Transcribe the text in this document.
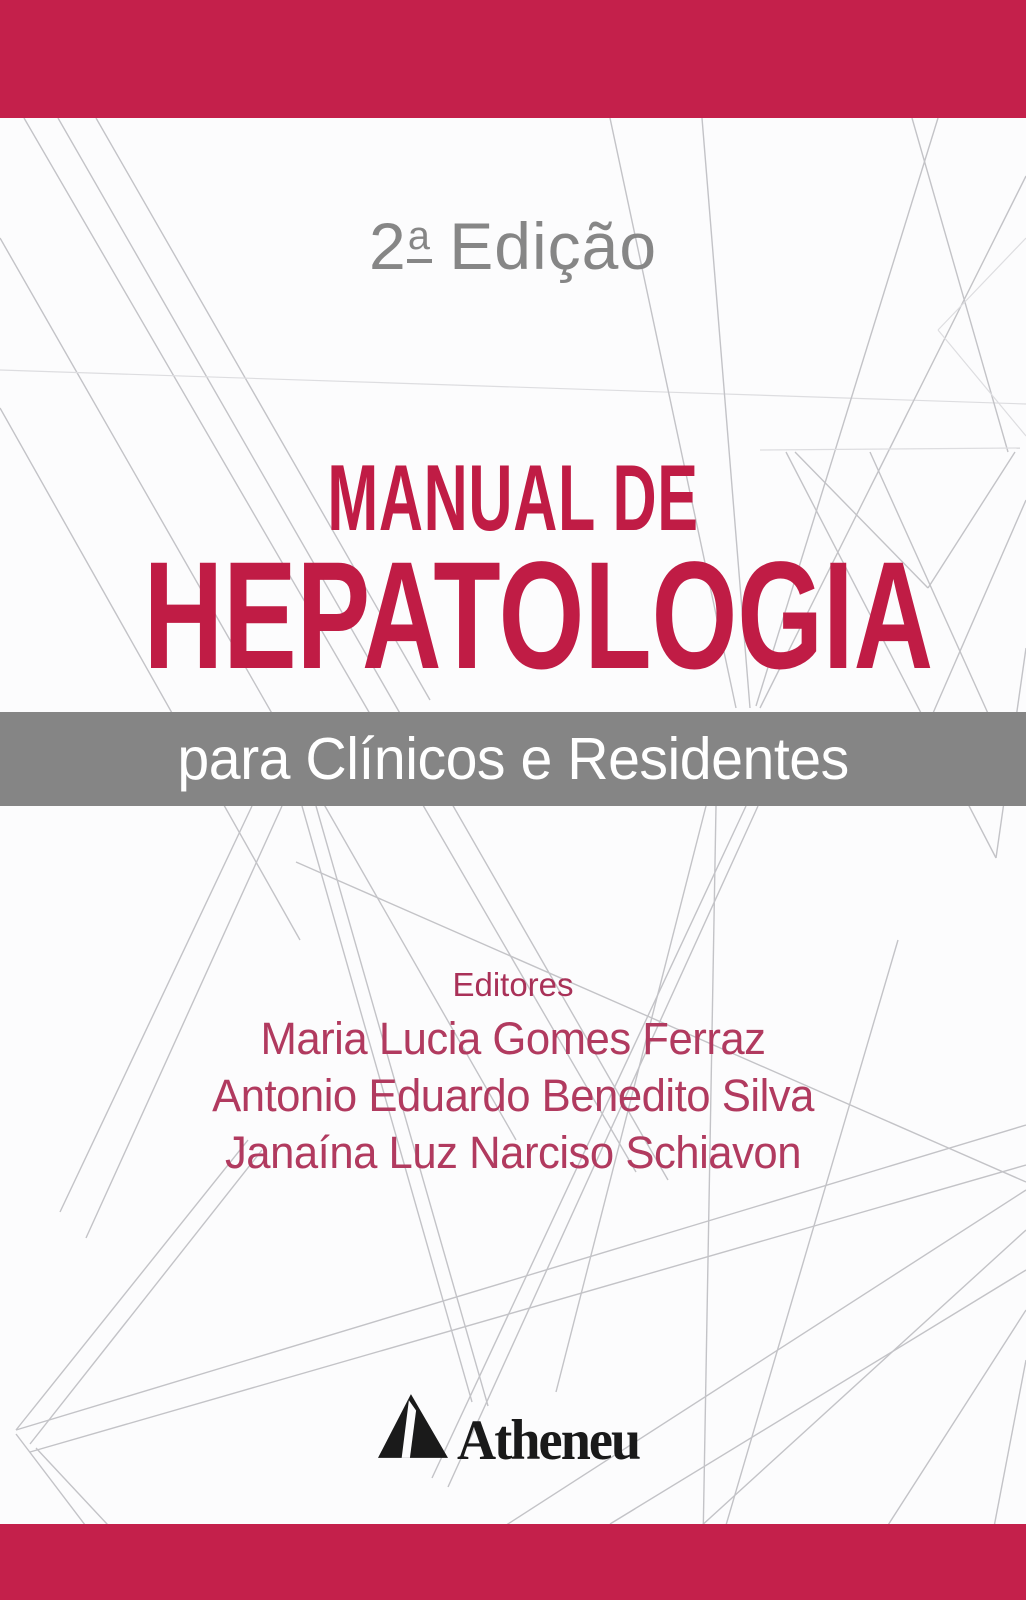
2a Edição
MANUAL DE
HEPATOLOGIA
para Clínicos e Residentes
Editores
Maria Lucia Gomes Ferraz
Antonio Eduardo Benedito Silva
Janaína Luz Narciso Schiavon
Atheneu
